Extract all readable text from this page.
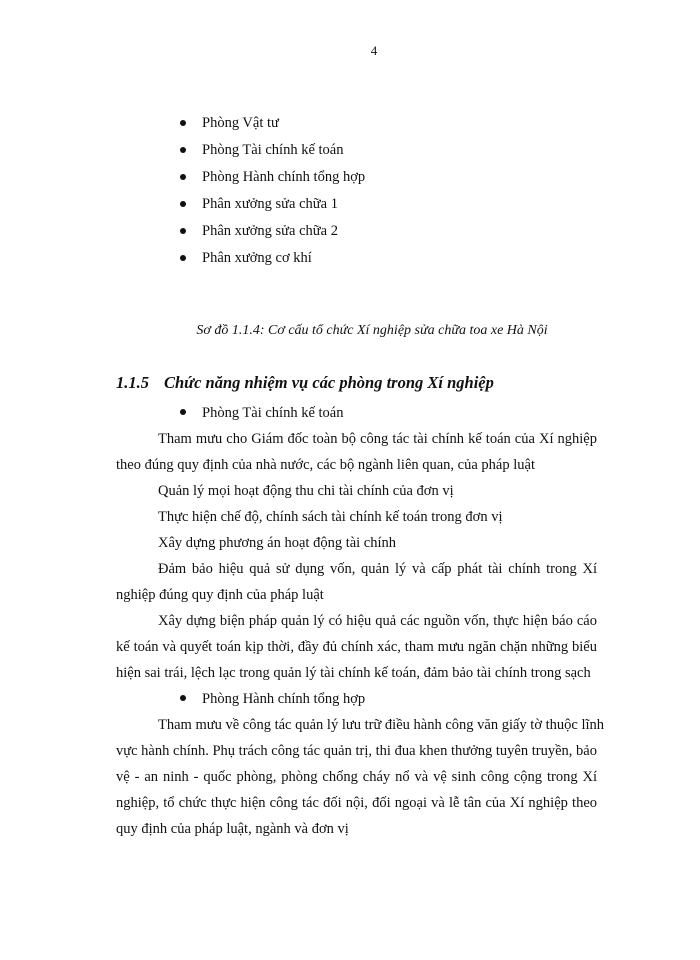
4
Phòng Vật tư
Phòng Tài chính kế toán
Phòng Hành chính tổng hợp
Phân xưởng sửa chữa 1
Phân xưởng sửa chữa 2
Phân xưởng cơ khí
Sơ đồ 1.1.4: Cơ cấu tổ chức Xí nghiệp sửa chữa toa xe Hà Nội
1.1.5 Chức năng nhiệm vụ các phòng trong Xí nghiệp
Phòng Tài chính kế toán
Tham mưu cho Giám đốc toàn bộ công tác tài chính kế toán của Xí nghiệp
theo đúng quy định của nhà nước, các bộ ngành liên quan, của pháp luật
Quản lý mọi hoạt động thu chi tài chính của đơn vị
Thực hiện chế độ, chính sách tài chính kế toán trong đơn vị
Xây dựng phương án hoạt động tài chính
Đảm bảo hiệu quả sử dụng vốn, quản lý và cấp phát tài chính trong Xí
nghiệp đúng quy định của pháp luật
Xây dựng biện pháp quản lý có hiệu quả các nguồn vốn, thực hiện báo cáo
kế toán và quyết toán kịp thời, đầy đủ chính xác, tham mưu ngăn chặn những biểu
hiện sai trái, lệch lạc trong quản lý tài chính kế toán, đảm bảo tài chính trong sạch
Phòng Hành chính tổng hợp
Tham mưu về công tác quản lý lưu trữ điều hành công văn giấy tờ thuộc lĩnh
vực hành chính. Phụ trách công tác quản trị, thi đua khen thưởng tuyên truyền, bảo
vệ - an ninh - quốc phòng, phòng chống cháy nổ và vệ sinh công cộng trong Xí
nghiệp, tổ chức thực hiện công tác đối nội, đối ngoại và lễ tân của Xí nghiệp theo
quy định của pháp luật, ngành và đơn vị
